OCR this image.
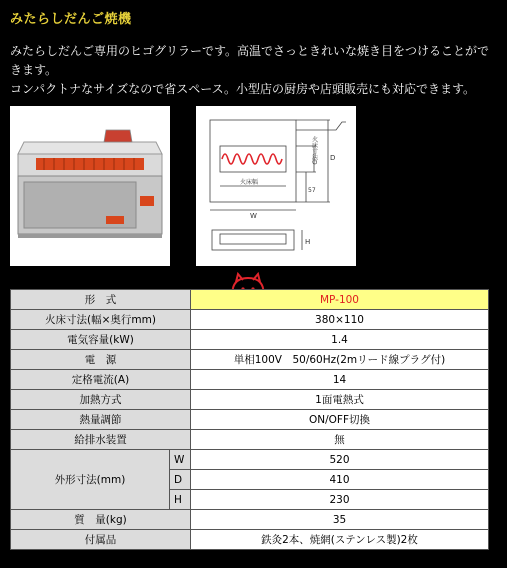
みたらしだんご焼機
みたらしだんご専用のヒゴグリラーです。高温でさっときれいな焼き目をつけることができます。
コンパクトナなサイズなので省スペース。小型店の厨房や店頭販売にも対応できます。
火床寸法D D
火床幅
W
57
H
形　式		MP-100
火床寸法(幅×奥行mm)		380×110
電気容量(kW)		1.4
電　源		単相100V　50/60Hz(2mリード線プラグ付)
定格電流(A)		14
加熱方式		1面電熱式
熱量調節		ON/OFF切換
給排水装置		無
外形寸法(mm)	W	520
	D	410
	H	230
質　量(kg)		35
付属品		鉄灸2本、焼網(ステンレス製)2枚
